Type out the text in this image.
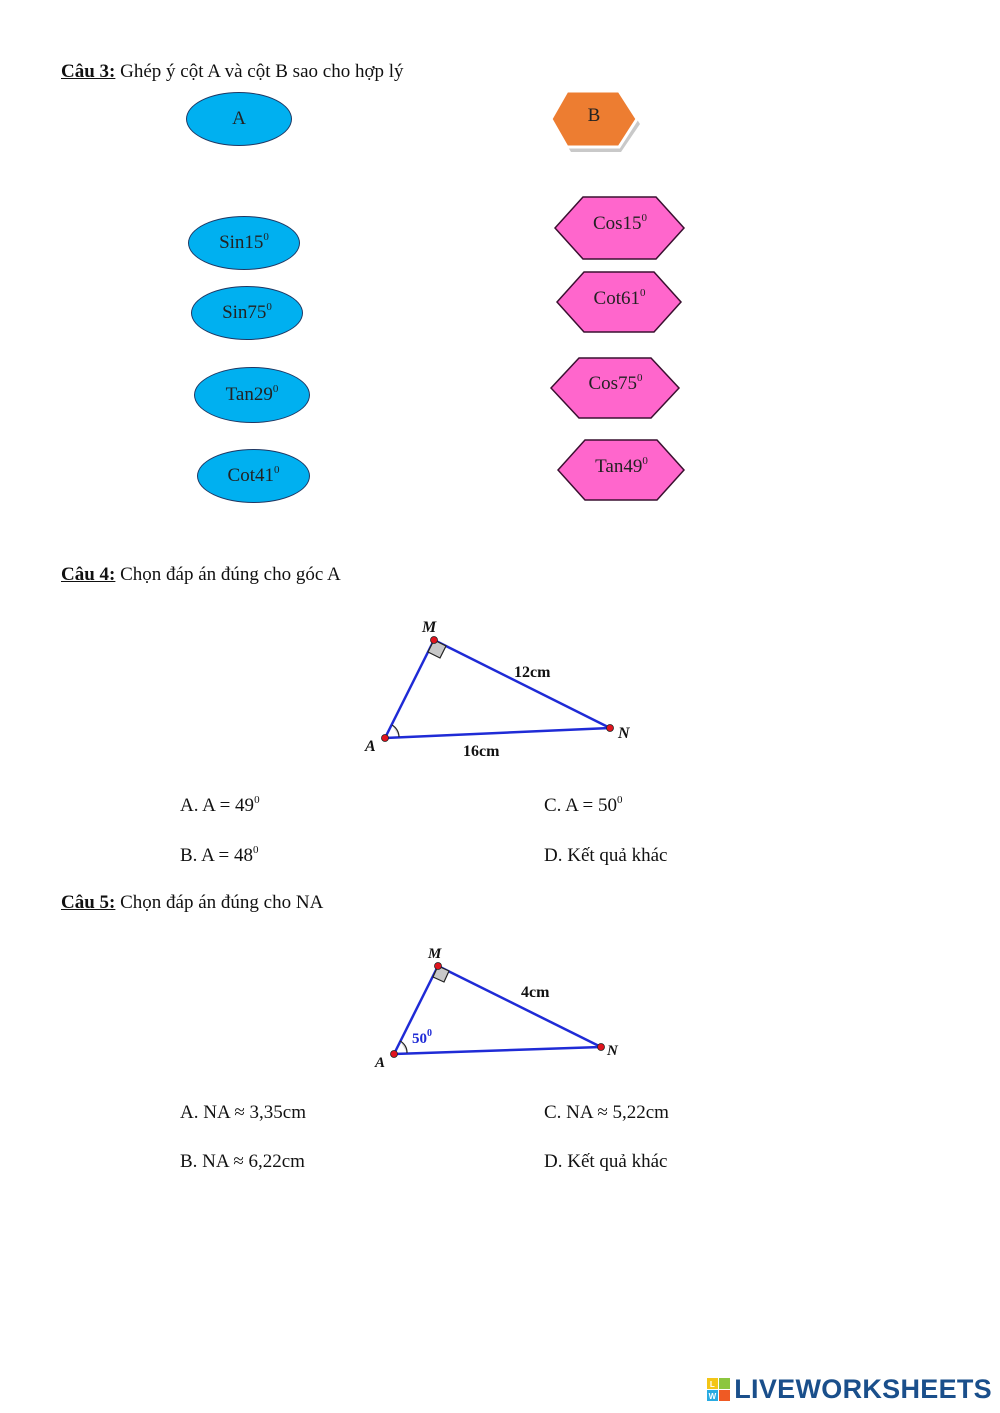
Câu 3: Ghép ý cột A và cột B sao cho hợp lý
A	B
$Sin15^0$
$Sin75^0$
$Tan29^0$
$Cot41^0$
$Cos15^0$
$Cot61^0$
$Cos75^0$
$Tan49^0$
Câu 4: Chọn đáp án đúng cho góc A
M
A
N
12cm
16cm
A. $A = 49^0$	C. $A = 50^0$
B. $A = 48^0$	D. Kết quả khác
Câu 5: Chọn đáp án đúng cho NA
M
A
N
4cm
$50^0$
A. NA ≈ 3,35cm	C. NA ≈ 5,22cm
B. NA ≈ 6,22cm	D. Kết quả khác
L
W LIVEWORKSHEETS
